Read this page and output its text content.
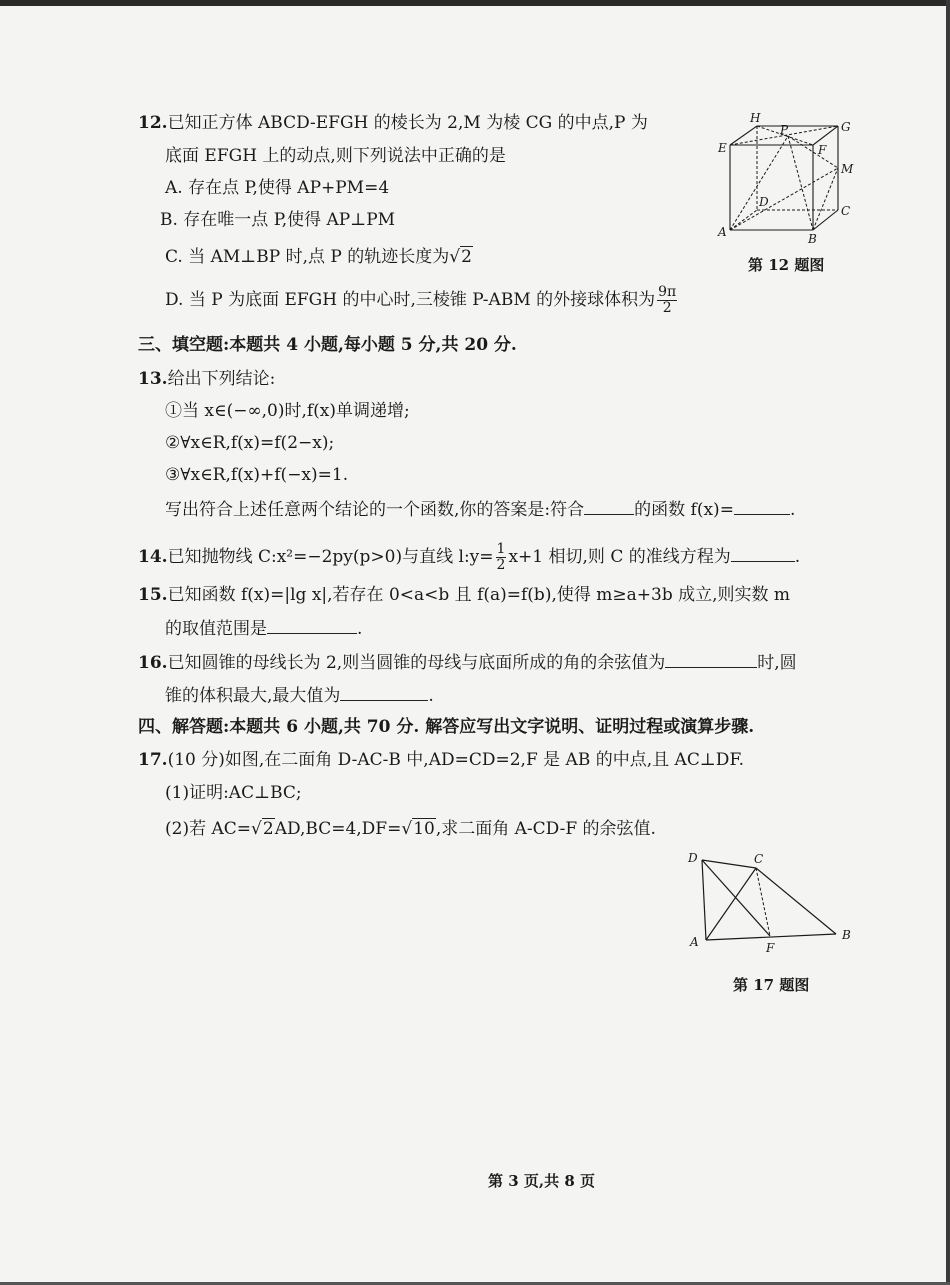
12.已知正方体 ABCD-EFGH 的棱长为 2,M 为棱 CG 的中点,P 为
底面 EFGH 上的动点,则下列说法中正确的是
A. 存在点 P,使得 AP+PM=4
B. 存在唯一点 P,使得 AP⊥PM
C. 当 AM⊥BP 时,点 P 的轨迹长度为√2
D. 当 P 为底面 EFGH 的中心时,三棱锥 P-ABM 的外接球体积为 $\frac{9\pi}{2}$
H
P	G
E	F
M
D
C
A	B
第 12 题图
三、填空题:本题共 4 小题,每小题 5 分,共 20 分.
13.给出下列结论:
①当 x∈(−∞,0)时,f(x)单调递增;
②∀x∈R,f(x)=f(2−x);
③∀x∈R,f(x)+f(−x)=1.
写出符合上述任意两个结论的一个函数,你的答案是:符合	的函数 f(x)=	.
14.已知抛物线 C:x²=−2py(p>0)与直线 l:y= $\frac{1}{2} x+1$ 相切,则 C 的准线方程为	.
15.已知函数 f(x)=|lg x|,若存在 0<a<b 且 f(a)=f(b),使得 m≥a+3b 成立,则实数 m
的取值范围是	.
16.已知圆锥的母线长为 2,则当圆锥的母线与底面所成的角的余弦值为	时,圆
锥的体积最大,最大值为	.
四、解答题:本题共 6 小题,共 70 分. 解答应写出文字说明、证明过程或演算步骤.
17.(10 分)如图,在二面角 D-AC-B 中,AD=CD=2,F 是 AB 的中点,且 AC⊥DF.
(1)证明:AC⊥BC;
(2)若 AC=√2AD,BC=4,DF=√10,求二面角 A-CD-F 的余弦值.
D	C
A	F
B
第 17 题图
第 3 页,共 8 页
